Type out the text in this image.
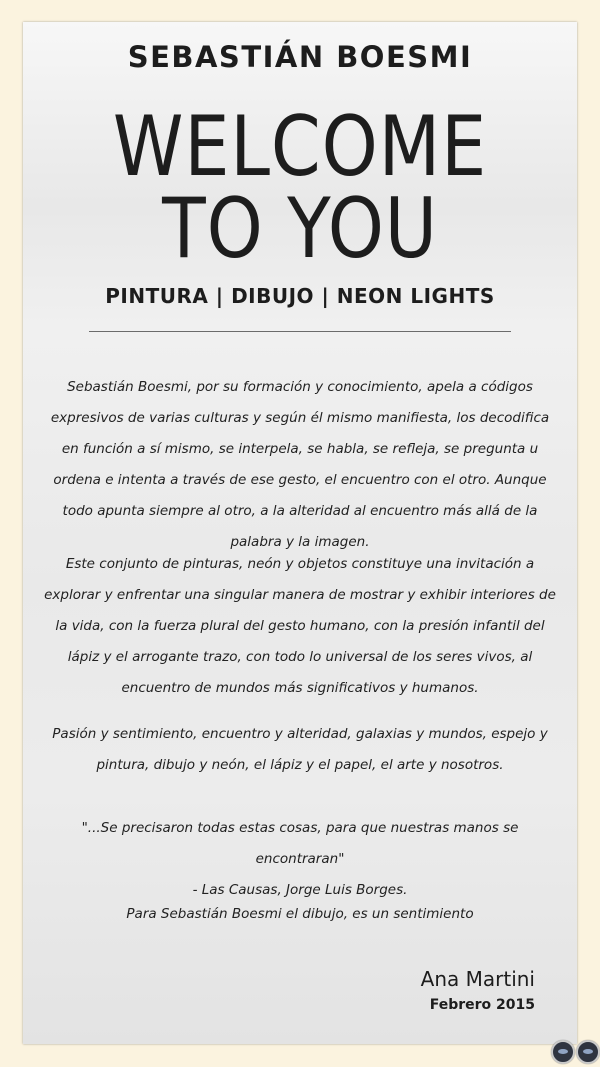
SEBASTIÁN BOESMI
WELCOME
TO YOU
PINTURA | DIBUJO | NEON LIGHTS
Sebastián Boesmi, por su formación y conocimiento, apela a códigos expresivos de varias culturas y según él mismo manifiesta, los decodifica en función a sí mismo, se interpela, se habla, se refleja, se pregunta u ordena e intenta a través de ese gesto, el encuentro con el otro. Aunque todo apunta siempre al otro, a la alteridad al encuentro más allá de la palabra y la imagen.
Este conjunto de pinturas, neón y objetos constituye una invitación a explorar y enfrentar una singular manera de mostrar y exhibir interiores de la vida, con la fuerza plural del gesto humano, con la presión infantil del lápiz y el arrogante trazo, con todo lo universal de los seres vivos, al encuentro de mundos más significativos y humanos.
Pasión y sentimiento, encuentro y alteridad, galaxias y mundos, espejo y pintura, dibujo y neón, el lápiz y el papel, el arte y nosotros.
"...Se precisaron todas estas cosas, para que nuestras manos se encontraran"
- Las Causas, Jorge Luis Borges.
Para Sebastián Boesmi el dibujo, es un sentimiento
Ana Martini
Febrero 2015
